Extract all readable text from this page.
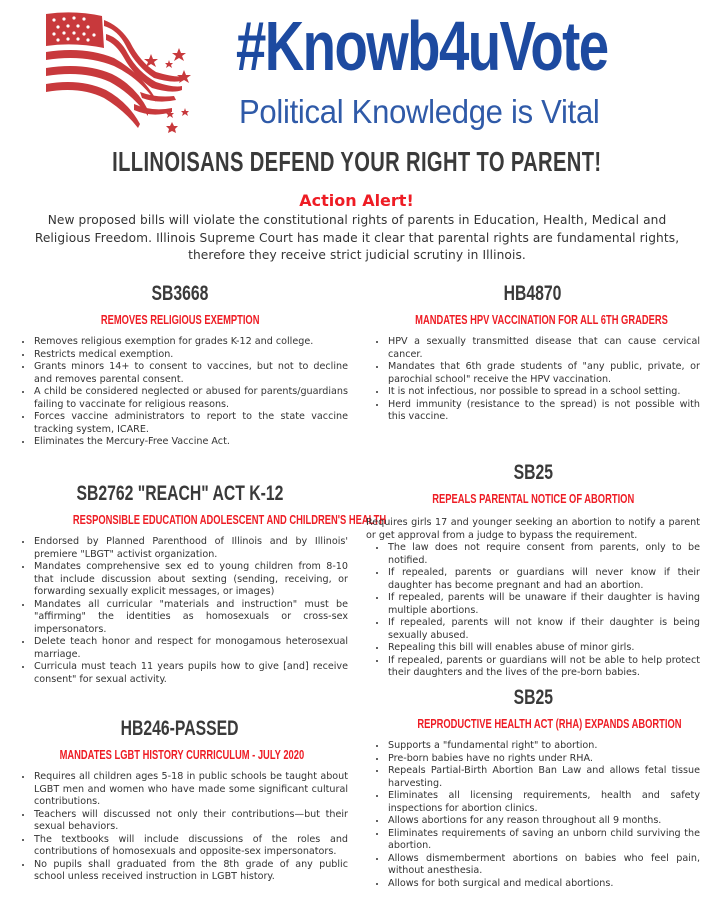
#Knowb4uVote
Political Knowledge is Vital
ILLINOISANS DEFEND YOUR RIGHT TO PARENT!
Action Alert!
New proposed bills will violate the constitutional rights of parents in Education, Health, Medical and Religious Freedom. Illinois Supreme Court has made it clear that parental rights are fundamental rights, therefore they receive strict judicial scrutiny in Illinois.
SB3668
REMOVES RELIGIOUS EXEMPTION
• Removes religious exemption for grades K-12 and college.
• Restricts medical exemption.
• Grants minors 14+ to consent to vaccines, but not to decline and removes parental consent.
• A child be considered neglected or abused for parents/guardians failing to vaccinate for religious reasons.
• Forces vaccine administrators to report to the state vaccine tracking system, ICARE.
• Eliminates the Mercury-Free Vaccine Act.
HB4870
MANDATES HPV VACCINATION FOR ALL 6TH GRADERS
• HPV a sexually transmitted disease that can cause cervical cancer.
• Mandates that 6th grade students of "any public, private, or parochial school" receive the HPV vaccination.
• It is not infectious, nor possible to spread in a school setting.
• Herd immunity (resistance to the spread) is not possible with this vaccine.
SB2762 "REACH" ACT K-12
RESPONSIBLE EDUCATION ADOLESCENT AND CHILDREN'S HEALTH
• Endorsed by Planned Parenthood of Illinois and by Illinois' premiere "LBGT" activist organization.
• Mandates comprehensive sex ed to young children from 8-10 that include discussion about sexting (sending, receiving, or forwarding sexually explicit messages, or images)
• Mandates all curricular "materials and instruction" must be "affirming" the identities as homosexuals or cross-sex impersonators.
• Delete teach honor and respect for monogamous heterosexual marriage.
• Curricula must teach 11 years pupils how to give [and] receive consent" for sexual activity.
SB25
REPEALS PARENTAL NOTICE OF ABORTION

Requires girls 17 and younger seeking an abortion to notify a parent or get approval from a judge to bypass the requirement.

• The law does not require consent from parents, only to be notified.
• If repealed, parents or guardians will never know if their daughter has become pregnant and had an abortion.
• If repealed, parents will be unaware if their daughter is having multiple abortions.
• If repealed, parents will not know if their daughter is being sexually abused.
• Repealing this bill will enables abuse of minor girls.
• If repealed, parents or guardians will not be able to help protect their daughters and the lives of the pre-born babies.
HB246-PASSED
MANDATES LGBT HISTORY CURRICULUM - JULY 2020
• Requires all children ages 5-18 in public schools be taught about LGBT men and women who have made some significant cultural contributions.
• Teachers will discussed not only their contributions—but their sexual behaviors.
• The textbooks will include discussions of the roles and contributions of homosexuals and opposite-sex impersonators.
• No pupils shall graduated from the 8th grade of any public school unless received instruction in LGBT history.
SB25
REPRODUCTIVE HEALTH ACT (RHA) EXPANDS ABORTION
• Supports a "fundamental right" to abortion.
• Pre-born babies have no rights under RHA.
• Repeals Partial-Birth Abortion Ban Law and allows fetal tissue harvesting.
• Eliminates all licensing requirements, health and safety inspections for abortion clinics.
• Allows abortions for any reason throughout all 9 months.
• Eliminates requirements of saving an unborn child surviving the abortion.
• Allows dismemberment abortions on babies who feel pain, without anesthesia.
• Allows for both surgical and medical abortions.
